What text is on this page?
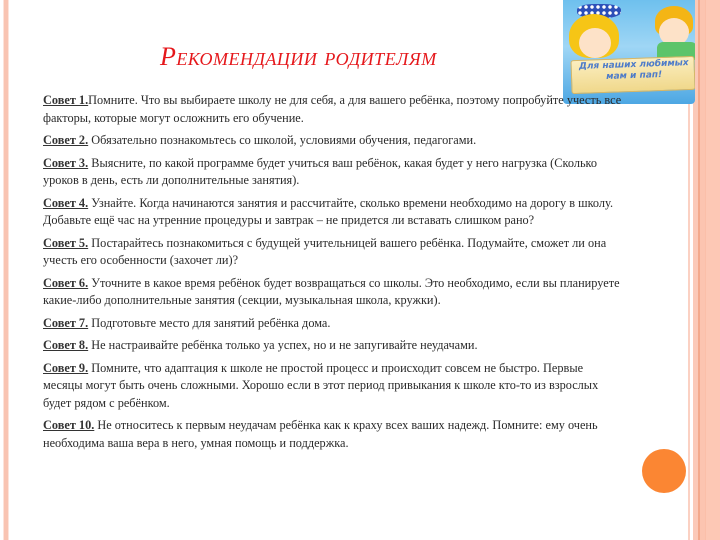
Для наших любимых
мам и пап!
Рекомендации родителям

Совет 1.Помните. Что вы выбираете школу не для себя, а для вашего ребёнка, поэтому попробуйте учесть все факторы, которые могут осложнить его обучение.

Совет 2. Обязательно познакомьтесь со школой, условиями обучения, педагогами.

Совет 3. Выясните, по какой программе будет учиться ваш ребёнок, какая будет у него нагрузка (Сколько уроков в день, есть ли дополнительные занятия).

Совет 4. Узнайте. Когда начинаются занятия и рассчитайте, сколько времени необходимо на дорогу в школу. Добавьте ещё час на утренние процедуры и завтрак – не придется ли вставать слишком рано?

Совет 5. Постарайтесь познакомиться с будущей учительницей вашего ребёнка. Подумайте, сможет ли она учесть его особенности (захочет ли)?

Совет 6. Уточните в какое время ребёнок будет возвращаться со школы. Это необходимо, если вы планируете какие-либо дополнительные занятия (секции, музыкальная школа, кружки).

Совет 7. Подготовьте место для занятий ребёнка дома.

Совет 8. Не настраивайте ребёнка только уа успех, но и не запугивайте неудачами.

Совет 9. Помните, что адаптация к школе не простой процесс и происходит совсем не быстро. Первые месяцы могут быть очень сложными. Хорошо если в этот период привыкания к школе кто-то из взрослых будет рядом с ребёнком.

Совет 10. Не относитесь к первым неудачам ребёнка как к краху всех ваших надежд. Помните: ему очень необходима ваша вера в него, умная помощь и поддержка.
